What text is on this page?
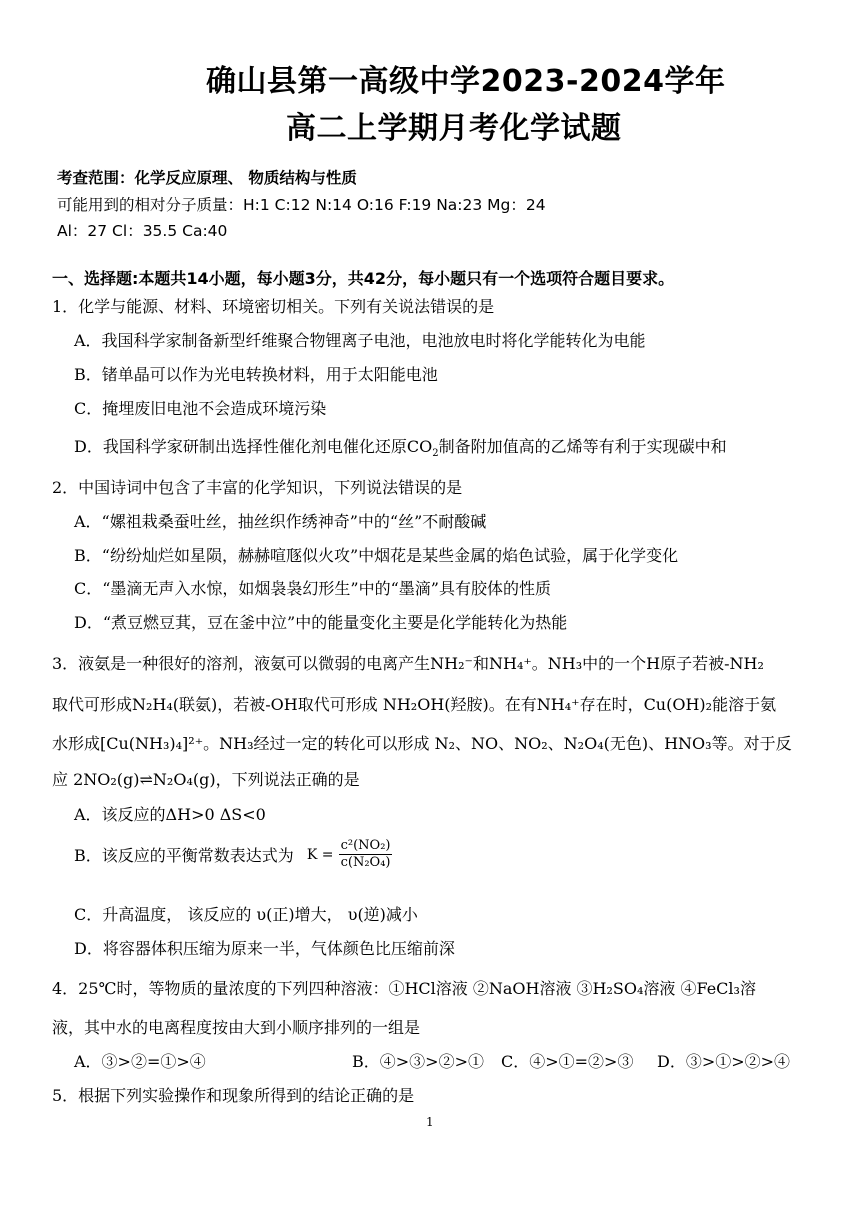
确山县第一高级中学2023-2024学年
高二上学期月考化学试题
考查范围：化学反应原理、 物质结构与性质
可能用到的相对分子质量：H:1 C:12 N:14 O:16 F:19 Na:23 Mg：24
Al：27 Cl：35.5 Ca:40
一、选择题:本题共14小题，每小题3分，共42分，每小题只有一个选项符合题目要求。
1．化学与能源、材料、环境密切相关。下列有关说法错误的是
A．我国科学家制备新型纤维聚合物锂离子电池，电池放电时将化学能转化为电能
B．锗单晶可以作为光电转换材料，用于太阳能电池
C．掩埋废旧电池不会造成环境污染
D．我国科学家研制出选择性催化剂电催化还原$CO_2$制备附加值高的乙烯等有利于实现碳中和
2．中国诗词中包含了丰富的化学知识，下列说法错误的是
A．“嫘祖栽桑蚕吐丝，抽丝织作绣神奇”中的“丝”不耐酸碱
B．“纷纷灿烂如星陨，赫赫喧豗似火攻”中烟花是某些金属的焰色试验，属于化学变化
C．“墨滴无声入水惊，如烟袅袅幻形生”中的“墨滴”具有胶体的性质
D．“煮豆燃豆萁，豆在釜中泣”中的能量变化主要是化学能转化为热能
3．液氨是一种很好的溶剂，液氨可以微弱的电离产生NH₂⁻和NH₄⁺。NH₃中的一个H原子若被-NH₂
取代可形成N₂H₄(联氨)，若被-OH取代可形成 NH₂OH(羟胺)。在有NH₄⁺存在时，Cu(OH)₂能溶于氨
水形成[Cu(NH₃)₄]²⁺。NH₃经过一定的转化可以形成 N₂、NO、NO₂、N₂O₄(无色)、HNO₃等。对于反
应 2NO₂(g)⇌N₂O₄(g)，下列说法正确的是
A．该反应的ΔH>0 ΔS<0
B．该反应的平衡常数表达式为 $K = \frac{\text{c²(NO₂)}}{\text{c(N₂O₄)}}$
C．升高温度， 该反应的 υ(正)增大， υ(逆)减小
D．将容器体积压缩为原来一半，气体颜色比压缩前深
4．25℃时，等物质的量浓度的下列四种溶液：①HCl溶液 ②NaOH溶液 ③H₂SO₄溶液 ④FeCl₃溶
液，其中水的电离程度按由大到小顺序排列的一组是
A．③>②=①>④	B．④>③>②>① C．④>①=②>③ D．③>①>②>④
5．根据下列实验操作和现象所得到的结论正确的是
1
